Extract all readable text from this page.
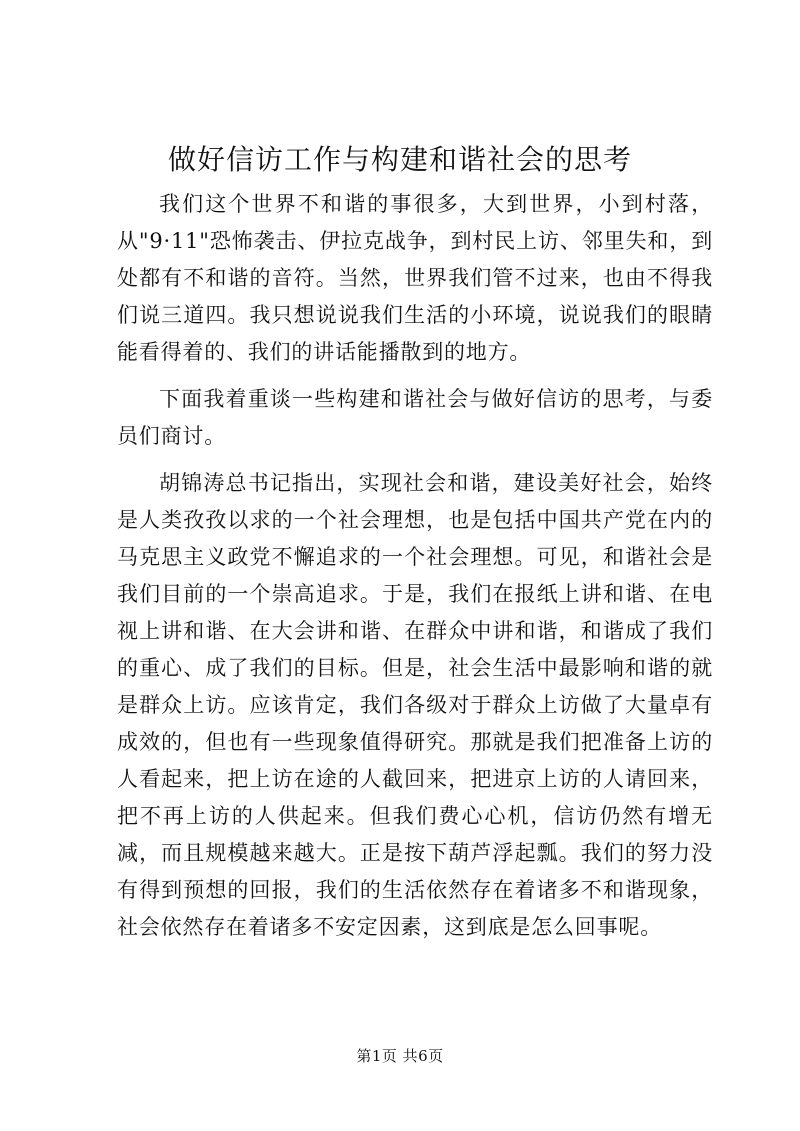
做好信访工作与构建和谐社会的思考

我们这个世界不和谐的事很多，大到世界，小到村落，从"9·11"恐怖袭击、伊拉克战争，到村民上访、邻里失和，到处都有不和谐的音符。当然，世界我们管不过来，也由不得我们说三道四。我只想说说我们生活的小环境，说说我们的眼睛能看得着的、我们的讲话能播散到的地方。

下面我着重谈一些构建和谐社会与做好信访的思考，与委员们商讨。

胡锦涛总书记指出，实现社会和谐，建设美好社会，始终是人类孜孜以求的一个社会理想，也是包括中国共产党在内的马克思主义政党不懈追求的一个社会理想。可见，和谐社会是我们目前的一个崇高追求。于是，我们在报纸上讲和谐、在电视上讲和谐、在大会讲和谐、在群众中讲和谐，和谐成了我们的重心、成了我们的目标。但是，社会生活中最影响和谐的就是群众上访。应该肯定，我们各级对于群众上访做了大量卓有成效的，但也有一些现象值得研究。那就是我们把准备上访的人看起来，把上访在途的人截回来，把进京上访的人请回来，把不再上访的人供起来。但我们费心心机，信访仍然有增无减，而且规模越来越大。正是按下葫芦浮起瓢。我们的努力没有得到预想的回报，我们的生活依然存在着诸多不和谐现象，社会依然存在着诸多不安定因素，这到底是怎么回事呢。

第1页 共6页
